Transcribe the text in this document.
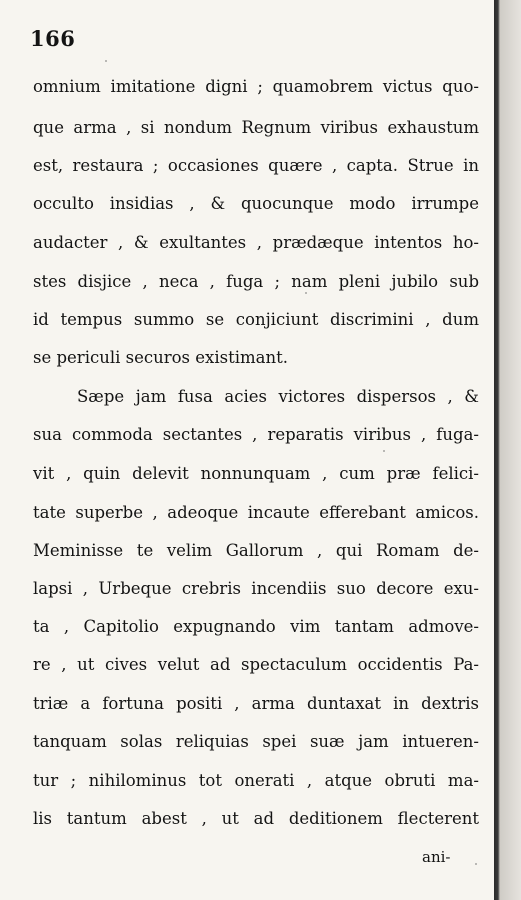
166
omnium imitatione digni ; quamobrem victus quo-
que arma , si nondum Regnum viribus exhaustum
est, restaura ; occasiones quære , capta. Strue in
occulto insidias , & quocunque modo irrumpe
audacter , & exultantes , prædæque intentos ho-
stes disjice , neca , fuga ; nam pleni jubilo sub
id tempus summo se conjiciunt discrimini , dum
se periculi securos existimant.
Sæpe jam fusa acies victores dispersos , &
sua commoda sectantes , reparatis viribus , fuga-
vit , quin delevit nonnunquam , cum præ felici-
tate superbe , adeoque incaute efferebant amicos.
Meminisse te velim Gallorum , qui Romam de-
lapsi , Urbeque crebris incendiis suo decore exu-
ta , Capitolio expugnando vim tantam admove-
re , ut cives velut ad spectaculum occidentis Pa-
triæ a fortuna positi , arma duntaxat in dextris
tanquam solas reliquias spei suæ jam intueren-
tur ; nihilominus tot onerati , atque obruti ma-
lis tantum abest , ut ad deditionem flecterent
ani-
